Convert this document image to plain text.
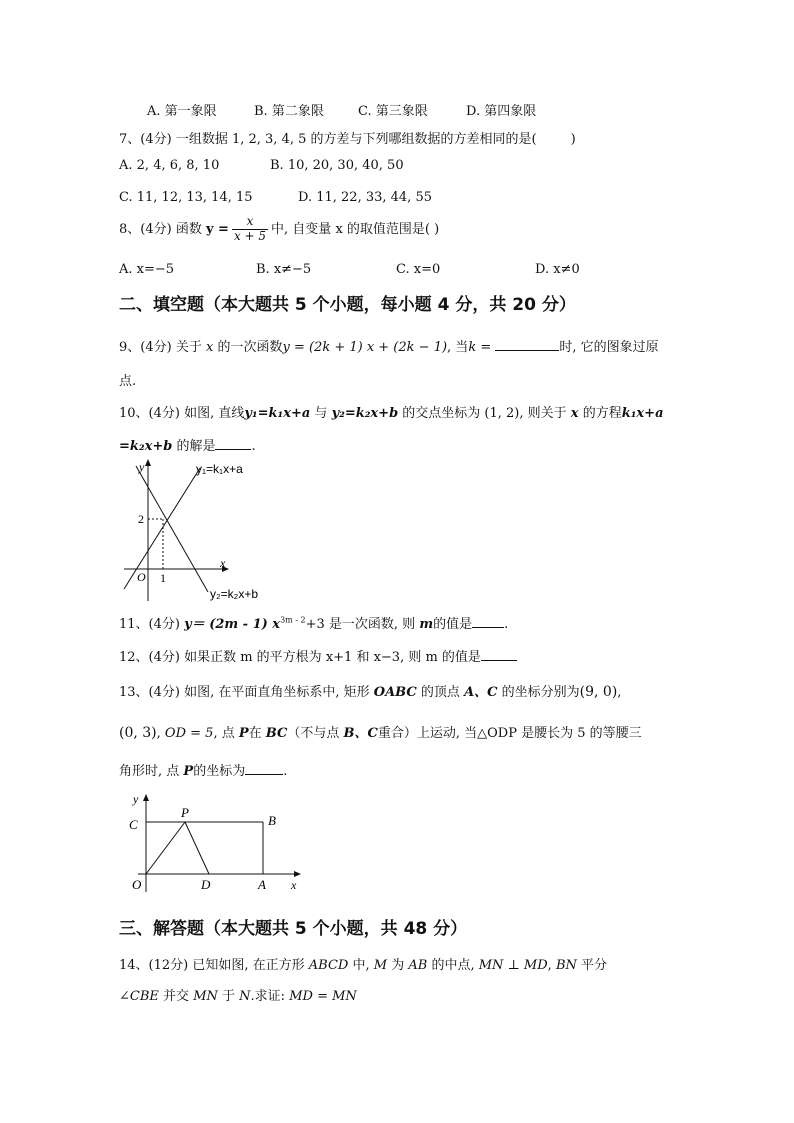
A. 第一象限	B. 第二象限	C. 第三象限	D. 第四象限
7、(4分) 一组数据 1, 2, 3, 4, 5 的方差与下列哪组数据的方差相同的是(	)
A. 2, 4, 6, 8, 10	B. 10, 20, 30, 40, 50
C. 11, 12, 13, 14, 15	D. 11, 22, 33, 44, 55
8、(4分) 函数 $y = \frac{x}{x + 5}$ 中, 自变量 x 的取值范围是( )
A. x=−5	B. x≠−5	C. x=0	D. x≠0
二、填空题（本大题共 5 个小题，每小题 4 分，共 20 分）
9、(4分) 关于 x 的一次函数y = (2k + 1) x + (2k − 1), 当k =	时, 它的图象过原
点.
10、(4分) 如图, 直线y₁=k₁x+a 与 y₂=k₂x+b 的交点坐标为 (1, 2), 则关于 x 的方程k₁x+a
=k₂x+b 的解是	.
y
x
O
2
1
y₁=k₁x+a
y₂=k₂x+b
11、(4分) y＝ (2m - 1) $x^{3m - 2}+3$ 是一次函数, 则 m的值是 .
12、(4分) 如果正数 m 的平方根为 x+1 和 x−3, 则 m 的值是
13、(4分) 如图, 在平面直角坐标系中, 矩形 OABC 的顶点 A、C 的坐标分别为(9, 0),
(0, 3), OD = 5, 点 P在 BC（不与点 B、C重合）上运动, 当△ODP 是腰长为 5 的等腰三
角形时, 点 P的坐标为	.
y
x
O
C
P
B
D	A
三、解答题（本大题共 5 个小题，共 48 分）
14、(12分) 已知如图, 在正方形 ABCD 中, M 为 AB 的中点, MN ⊥ MD, BN 平分
∠CBE 并交 MN 于 N.求证: MD = MN
